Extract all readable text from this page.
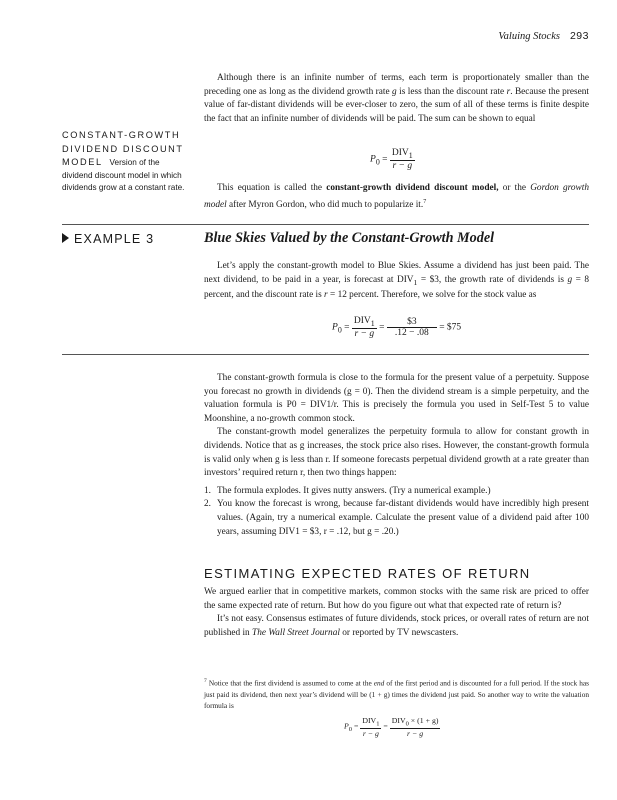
Valuing Stocks 293

Although there is an infinite number of terms, each term is proportionately smaller than the preceding one as long as the dividend growth rate g is less than the discount rate r. Because the present value of far-distant dividends will be ever-closer to zero, the sum of all of these terms is finite despite the fact that an infinite number of dividends will be paid. The sum can be shown to equal

CONSTANT-GROWTH DIVIDEND DISCOUNT MODEL Version of the dividend discount model in which dividends grow at a constant rate.
$P_0 = \frac{DIV_1}{r - g}$

This equation is called the constant-growth dividend discount model, or the Gordon growth model after Myron Gordon, who did much to popularize it.$^7$

EXAMPLE 3	Blue Skies Valued by the Constant-Growth Model

Let’s apply the constant-growth model to Blue Skies. Assume a dividend has just been paid. The next dividend, to be paid in a year, is forecast at $DIV_1$ = $3, the growth rate of dividends is g = 8 percent, and the discount rate is r = 12 percent. Therefore, we solve for the stock value as

$P_0 = \frac{DIV_1}{r - g} = \frac{\$3}{.12 - .08}$ = $75

The constant-growth formula is close to the formula for the present value of a perpetuity. Suppose you forecast no growth in dividends (g = 0). Then the dividend stream is a simple perpetuity, and the valuation formula is P0 = DIV1/r. This is precisely the formula you used in Self-Test 5 to value Moonshine, a no-growth common stock.

The constant-growth model generalizes the perpetuity formula to allow for constant growth in dividends. Notice that as g increases, the stock price also rises. However, the constant-growth formula is valid only when g is less than r. If someone forecasts perpetual dividend growth at a rate greater than investors’ required return r, then two things happen:

1. The formula explodes. It gives nutty answers. (Try a numerical example.)
2. You know the forecast is wrong, because far-distant dividends would have incredibly high present values. (Again, try a numerical example. Calculate the present value of a dividend paid after 100 years, assuming DIV1 = $3, r = .12, but g = .20.)
ESTIMATING EXPECTED RATES OF RETURN

We argued earlier that in competitive markets, common stocks with the same risk are priced to offer the same expected rate of return. But how do you figure out what that expected rate of return is?

It’s not easy. Consensus estimates of future dividends, stock prices, or overall rates of return are not published in The Wall Street Journal or reported by TV newscasters.

$^7$ Notice that the first dividend is assumed to come at the end of the first period and is discounted for a full period. If the stock has just paid its dividend, then next year’s dividend will be (1 + g) times the dividend just paid. So another way to write the valuation formula is

$P_0 = \frac{DIV_1}{r - g} = \frac{DIV_0 \times (1 + g)}{r - g}$
